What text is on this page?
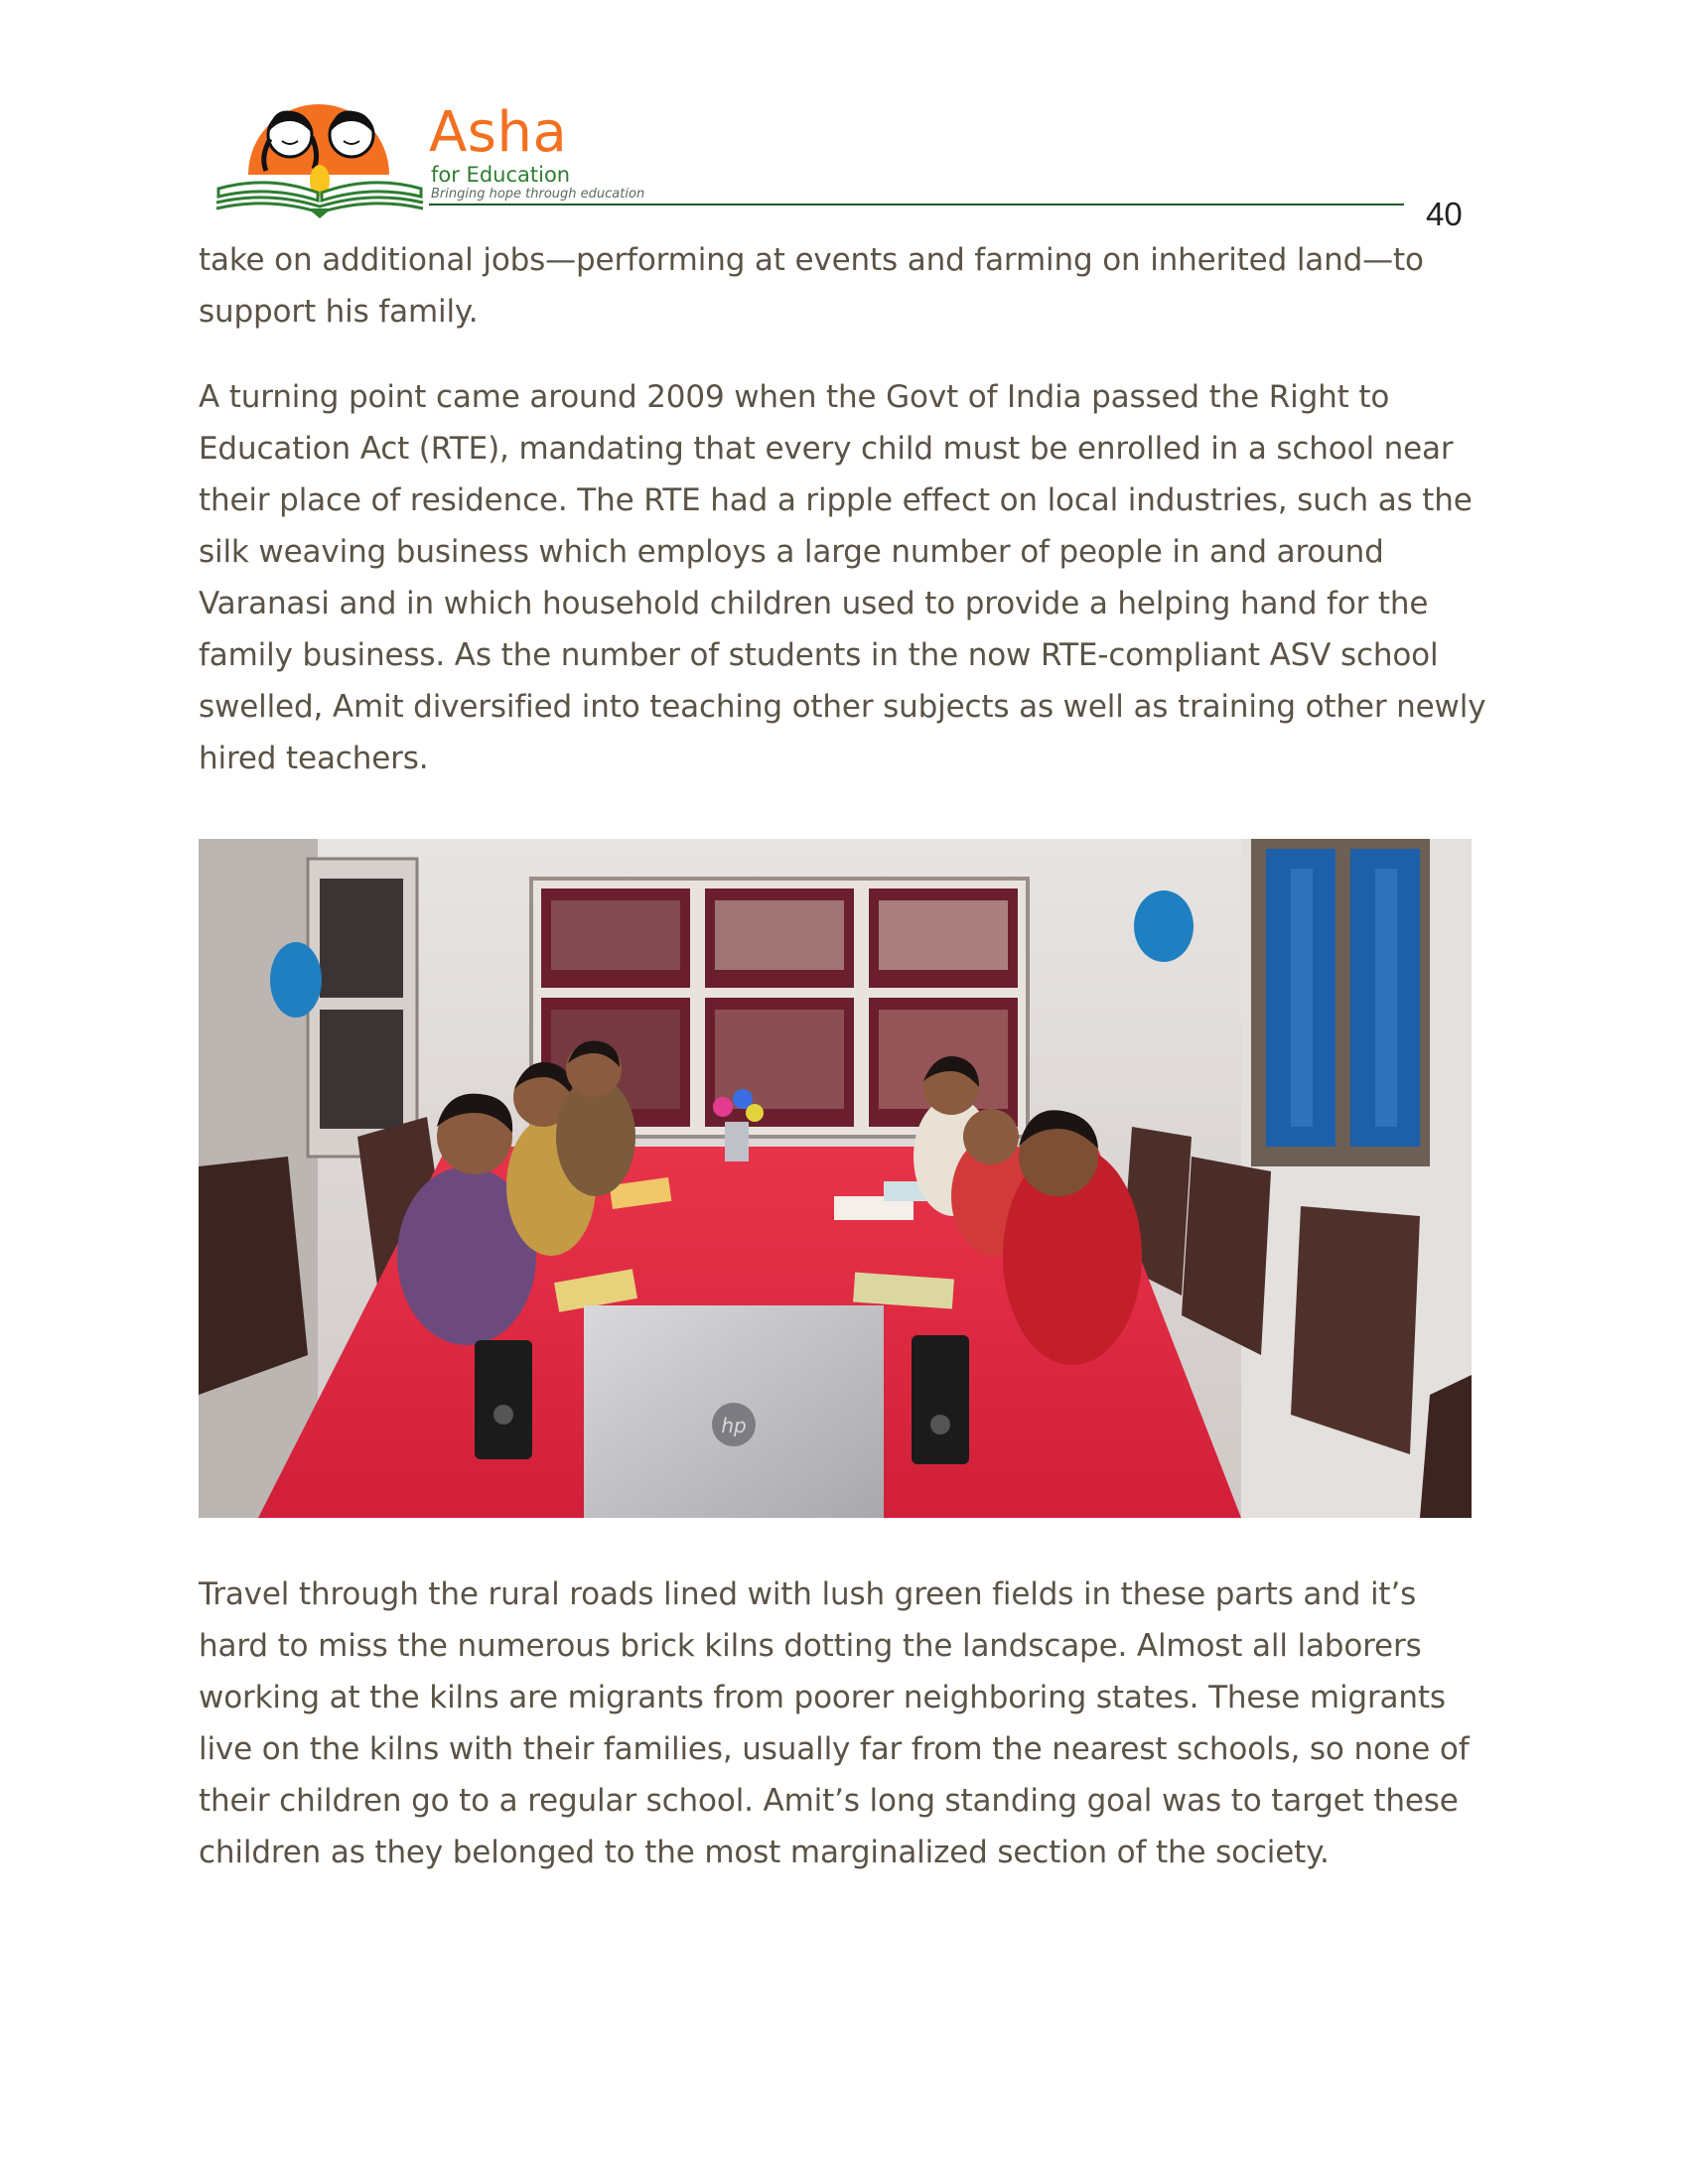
Asha
for Education
Bringing hope through education
40

take on additional jobs—performing at events and farming on inherited land—to support his family.

A turning point came around 2009 when the Govt of India passed the Right to Education Act (RTE), mandating that every child must be enrolled in a school near their place of residence. The RTE had a ripple effect on local industries, such as the silk weaving business which employs a large number of people in and around Varanasi and in which household children used to provide a helping hand for the family business. As the number of students in the now RTE-compliant ASV school swelled, Amit diversified into teaching other subjects as well as training other newly hired teachers.

hp

Travel through the rural roads lined with lush green fields in these parts and it’s hard to miss the numerous brick kilns dotting the landscape. Almost all laborers working at the kilns are migrants from poorer neighboring states. These migrants live on the kilns with their families, usually far from the nearest schools, so none of their children go to a regular school. Amit’s long standing goal was to target these children as they belonged to the most marginalized section of the society.
